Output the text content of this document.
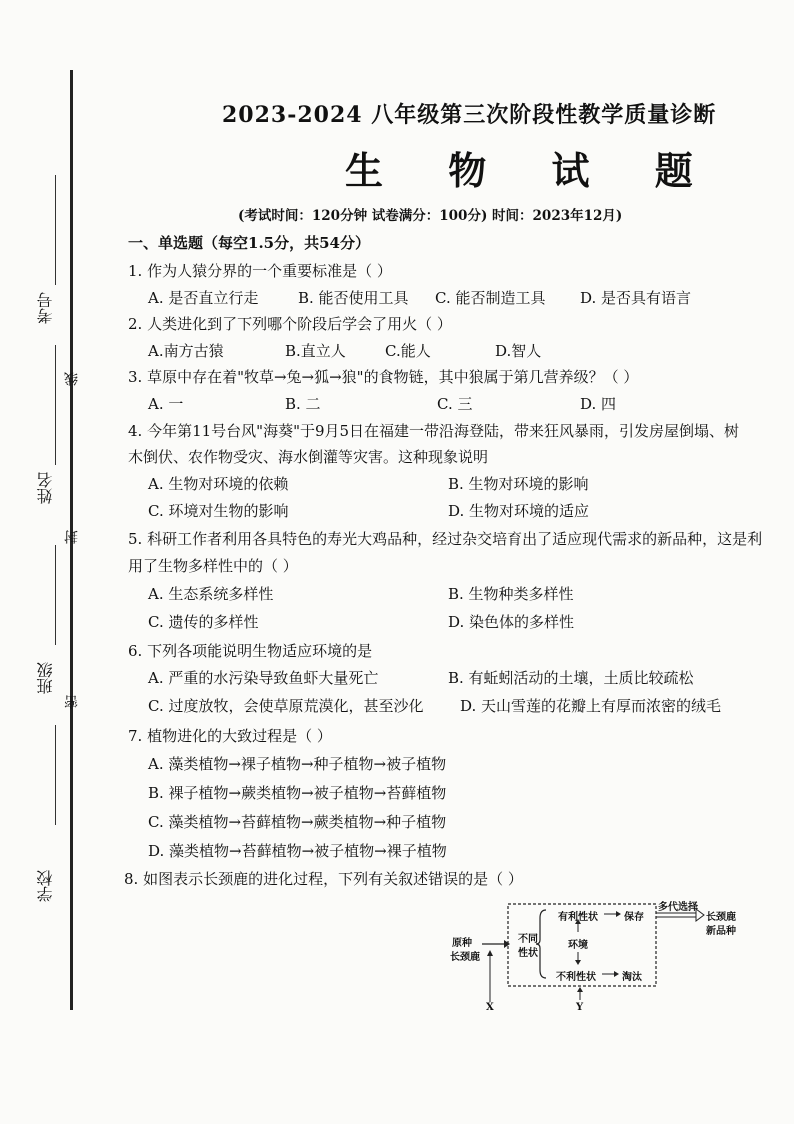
考号
线
姓名
封
班级
密
学校
2023-2024 八年级第三次阶段性教学质量诊断
生 物 试 题
(考试时间：120分钟 试卷满分：100分) 时间：2023年12月)
一、单选题（每空1.5分，共54分）
1. 作为人猿分界的一个重要标准是（ ）
A. 是否直立行走	B. 能否使用工具 C. 能否制造工具 D. 是否具有语言
2. 人类进化到了下列哪个阶段后学会了用火（ ）
A.南方古猿	B.直立人	C.能人	D.智人
3. 草原中存在着"牧草→兔→狐→狼"的食物链，其中狼属于第几营养级？（ ）
A. 一	B. 二	C. 三	D. 四
4. 今年第11号台风"海葵"于9月5日在福建一带沿海登陆，带来狂风暴雨，引发房屋倒塌、树
木倒伏、农作物受灾、海水倒灌等灾害。这种现象说明
A. 生物对环境的依赖	B. 生物对环境的影响
C. 环境对生物的影响	D. 生物对环境的适应
5. 科研工作者利用各具特色的寿光大鸡品种，经过杂交培育出了适应现代需求的新品种，这是利
用了生物多样性中的（ ）
A. 生态系统多样性	B. 生物种类多样性
C. 遗传的多样性	D. 染色体的多样性
6. 下列各项能说明生物适应环境的是
A. 严重的水污染导致鱼虾大量死亡	B. 有蚯蚓活动的土壤，土质比较疏松
C. 过度放牧，会使草原荒漠化，甚至沙化 D. 天山雪莲的花瓣上有厚而浓密的绒毛
7. 植物进化的大致过程是（ ）
A. 藻类植物→裸子植物→种子植物→被子植物
B. 裸子植物→蕨类植物→被子植物→苔藓植物
C. 藻类植物→苔藓植物→蕨类植物→种子植物
D. 藻类植物→苔藓植物→被子植物→裸子植物
8. 如图表示长颈鹿的进化过程，下列有关叙述错误的是（ ）
原种
长颈鹿
不同
性状
有利性状	保存
环境
不利性状	淘汰
多代选择
长颈鹿
新品种
X	Y
